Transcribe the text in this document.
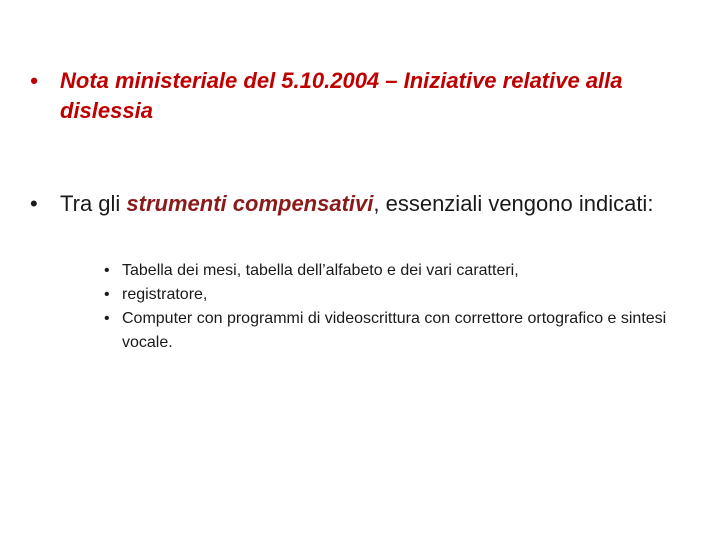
•	Nota ministeriale del 5.10.2004 – Iniziative relative alla dislessia
•	Tra gli strumenti compensativi, essenziali vengono indicati:
• Tabella dei mesi, tabella dell’alfabeto e dei vari caratteri,
• registratore,
• Computer con programmi di videoscrittura con correttore ortografico e sintesi vocale.
